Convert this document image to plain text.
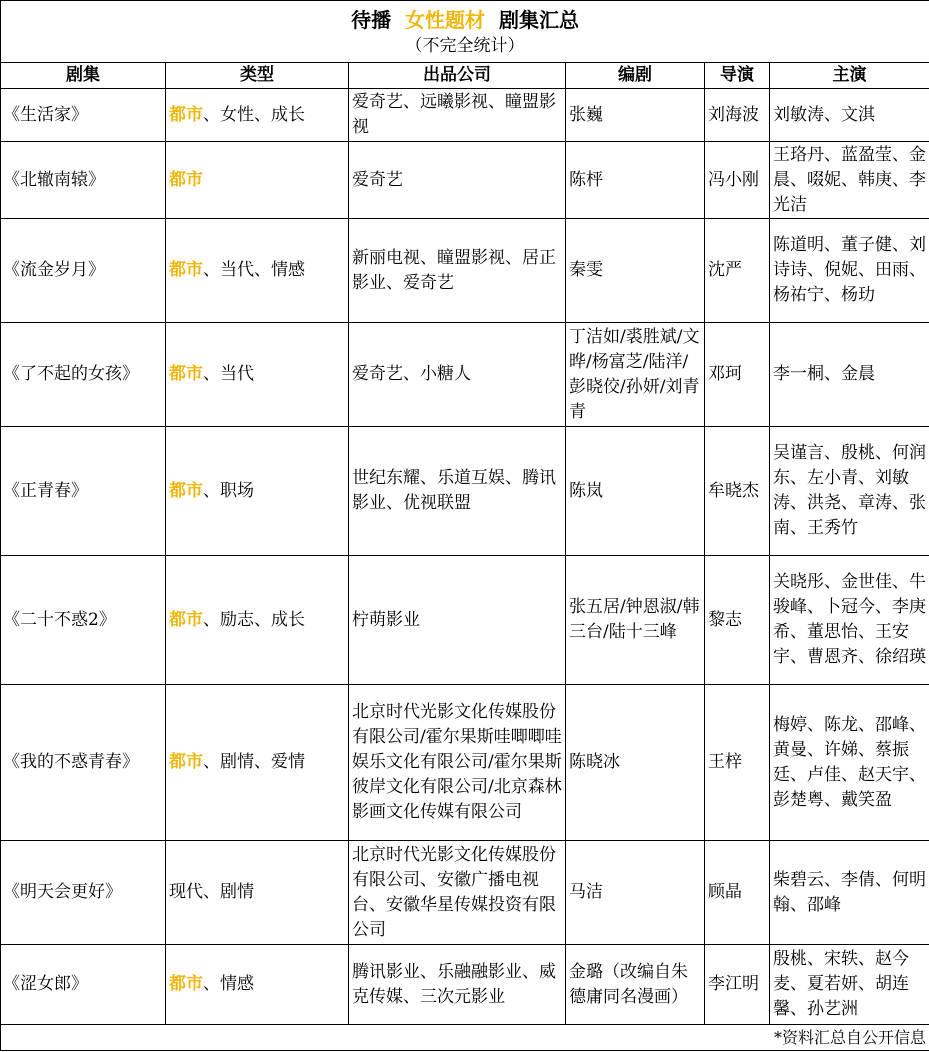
待播 女性题材 剧集汇总
（不完全统计）					

剧集	类型	出品公司	编剧	导演	主演
《生活家》	都市、女性、成长	爱奇艺、远曦影视、瞳盟影视	张巍	刘海波	刘敏涛、文淇
《北辙南辕》	都市	爱奇艺	陈枰	冯小刚	王珞丹、蓝盈莹、金晨、啜妮、韩庚、李光洁
《流金岁月》	都市、当代、情感	新丽电视、瞳盟影视、居正影业、爱奇艺	秦雯	沈严	陈道明、董子健、刘诗诗、倪妮、田雨、杨祐宁、杨玏
《了不起的女孩》	都市、当代	爱奇艺、小糖人	丁洁如/裘胜斌/文晔/杨富芝/陆洋/彭晓佼/孙妍/刘青青	邓珂	李一桐、金晨
《正青春》	都市、职场	世纪东耀、乐道互娱、腾讯影业、优视联盟	陈岚	牟晓杰	吴谨言、殷桃、何润东、左小青、刘敏涛、洪尧、章涛、张南、王秀竹
《二十不惑2》	都市、励志、成长	柠萌影业	张五居/钟恩淑/韩三台/陆十三峰	黎志	关晓彤、金世佳、牛骏峰、卜冠今、李庚希、董思怡、王安宇、曹恩齐、徐绍瑛
《我的不惑青春》	都市、剧情、爱情	北京时代光影文化传媒股份有限公司/霍尔果斯哇唧唧哇娱乐文化有限公司/霍尔果斯彼岸文化有限公司/北京森林影画文化传媒有限公司	陈晓冰	王梓	梅婷、陈龙、邵峰、黄曼、许娣、蔡振廷、卢佳、赵天宇、彭楚粤、戴笑盈
《明天会更好》	现代、剧情	北京时代光影文化传媒股份有限公司、安徽广播电视台、安徽华星传媒投资有限公司	马洁	顾晶	柴碧云、李倩、何明翰、邵峰
《涩女郎》	都市、情感	腾讯影业、乐融融影业、威克传媒、三次元影业	金璐（改编自朱德庸同名漫画）	李江明	殷桃、宋轶、赵今麦、夏若妍、胡连馨、孙艺洲
*资料汇总自公开信息					
